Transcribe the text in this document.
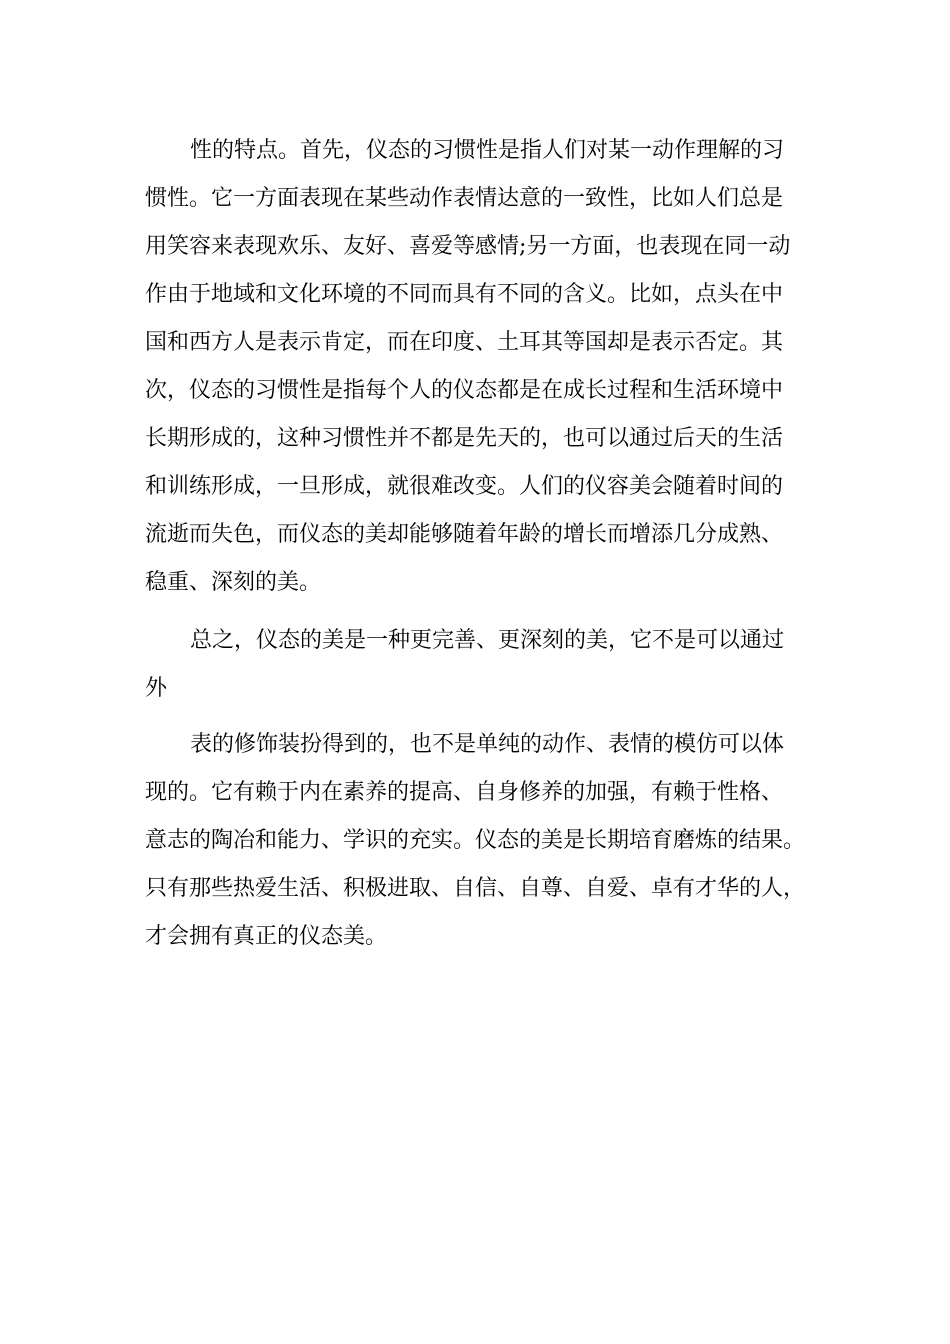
性的特点。首先，仪态的习惯性是指人们对某一动作理解的习

惯性。它一方面表现在某些动作表情达意的一致性，比如人们总是

用笑容来表现欢乐、友好、喜爱等感情;另一方面，也表现在同一动

作由于地域和文化环境的不同而具有不同的含义。比如，点头在中

国和西方人是表示肯定，而在印度、土耳其等国却是表示否定。其

次，仪态的习惯性是指每个人的仪态都是在成长过程和生活环境中

长期形成的，这种习惯性并不都是先天的，也可以通过后天的生活

和训练形成，一旦形成，就很难改变。人们的仪容美会随着时间的

流逝而失色，而仪态的美却能够随着年龄的增长而增添几分成熟、

稳重、深刻的美。

总之，仪态的美是一种更完善、更深刻的美，它不是可以通过

外

表的修饰装扮得到的，也不是单纯的动作、表情的模仿可以体

现的。它有赖于内在素养的提高、自身修养的加强，有赖于性格、

意志的陶冶和能力、学识的充实。仪态的美是长期培育磨炼的结果。

只有那些热爱生活、积极进取、自信、自尊、自爱、卓有才华的人，

才会拥有真正的仪态美。
